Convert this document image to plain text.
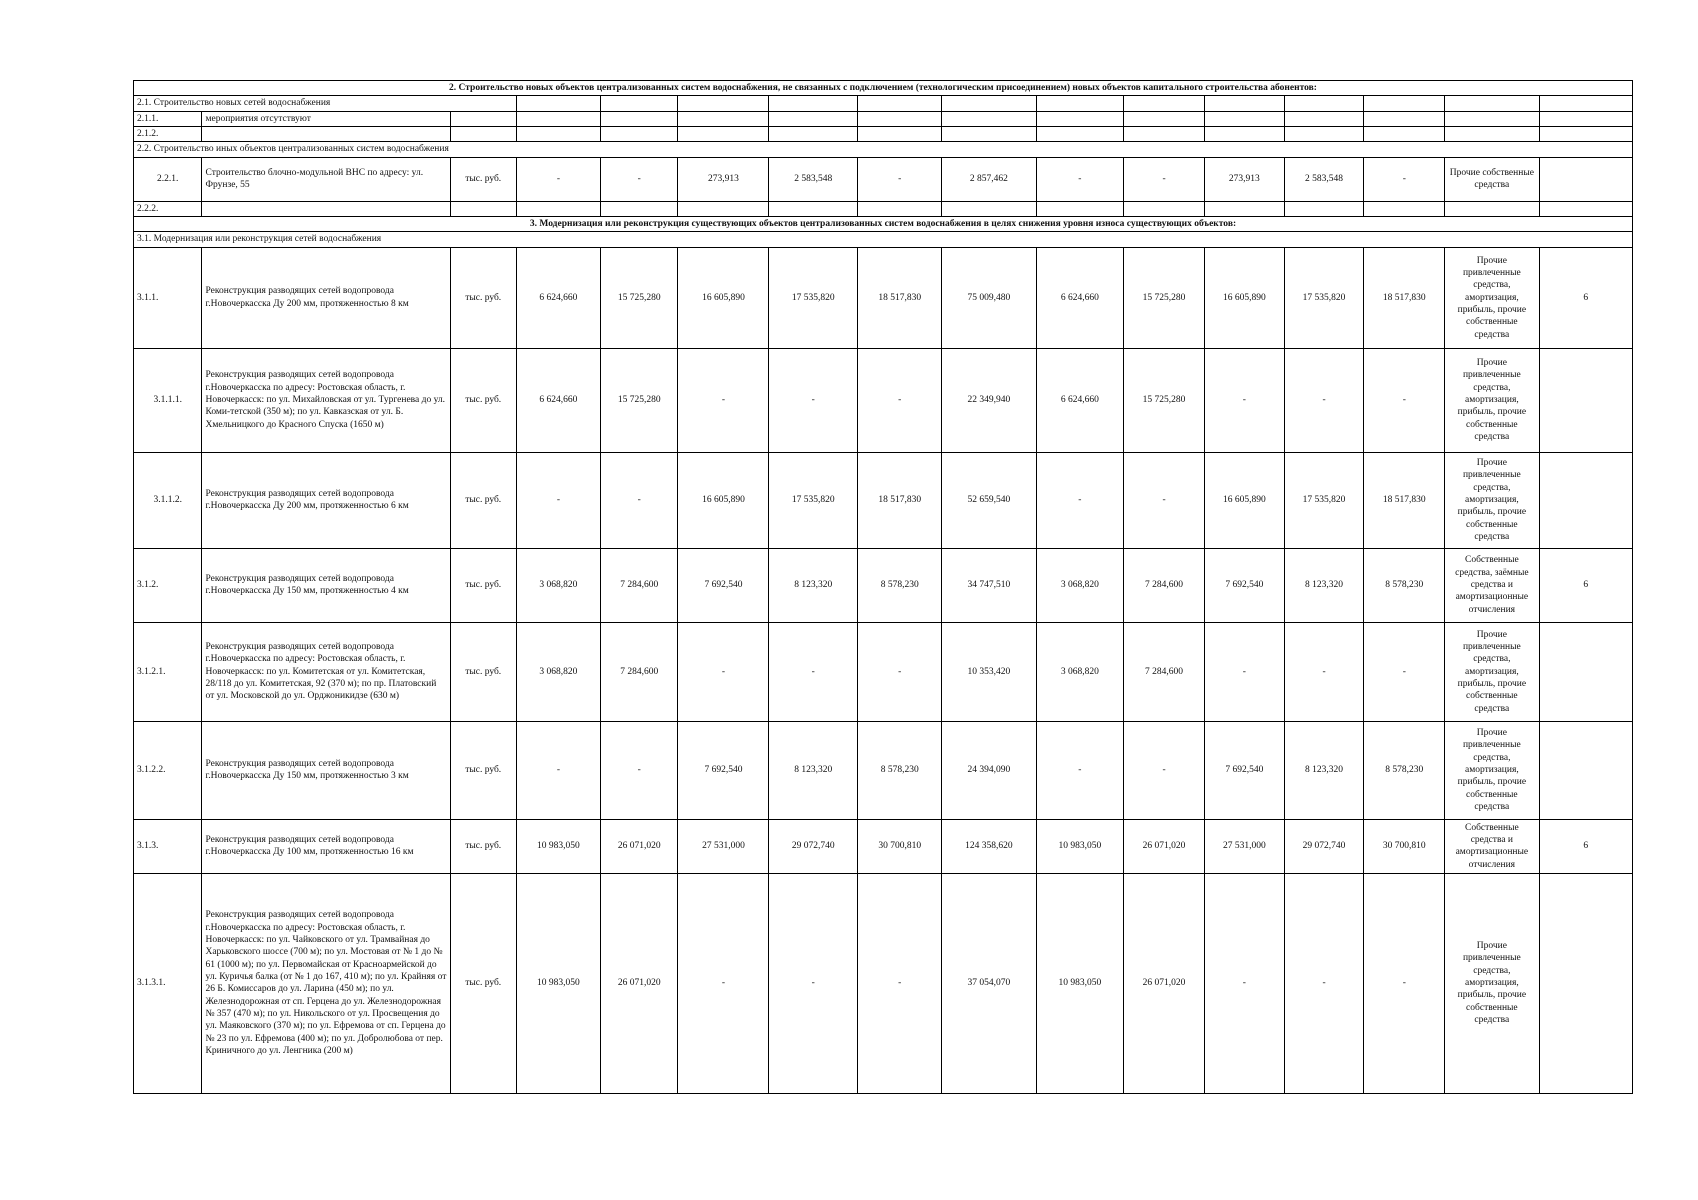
2. Строительство новых объектов централизованных систем водоснабжения, не связанных с подключением (технологическим присоединением) новых объектов капитального строительства абонентов:															
2.1. Строительство новых сетей водоснабжения															
2.1.1.	мероприятия отсутствуют														
2.1.2.															
2.2. Строительство иных объектов централизованных систем водоснабжения															
2.2.1.	Строительство блочно-модульной ВНС по адресу: ул. Фрунзе, 55	тыс. руб.	-	-	273,913	2 583,548	-	2 857,462	-	-	273,913	2 583,548	-	Прочие собственные средства	
2.2.2.															
3. Модернизация или реконструкция существующих объектов централизованных систем водоснабжения в целях снижения уровня износа существующих объектов:															
3.1. Модернизация или реконструкция сетей водоснабжения															
3.1.1.	Реконструкция разводящих сетей водопровода г.Новочеркасска Ду 200 мм, протяженностью 8 км	тыс. руб.	6 624,660	15 725,280	16 605,890	17 535,820	18 517,830	75 009,480	6 624,660	15 725,280	16 605,890	17 535,820	18 517,830	Прочие привлеченные средства, амортизация, прибыль, прочие собственные средства	6
3.1.1.1.	Реконструкция разводящих сетей водопровода г.Новочеркасска по адресу: Ростовская область, г. Новочеркасск: по ул. Михайловская от ул. Тургенева до ул. Коми-тетской (350 м); по ул. Кавказская от ул. Б. Хмельницкого до Красного Спуска (1650 м)	тыс. руб.	6 624,660	15 725,280	-	-	-	22 349,940	6 624,660	15 725,280	-	-	-	Прочие привлеченные средства, амортизация, прибыль, прочие собственные средства	
3.1.1.2.	Реконструкция разводящих сетей водопровода г.Новочеркасска Ду 200 мм, протяженностью 6 км	тыс. руб.	-	-	16 605,890	17 535,820	18 517,830	52 659,540	-	-	16 605,890	17 535,820	18 517,830	Прочие привлеченные средства, амортизация, прибыль, прочие собственные средства	
3.1.2.	Реконструкция разводящих сетей водопровода г.Новочеркасска Ду 150 мм, протяженностью 4 км	тыс. руб.	3 068,820	7 284,600	7 692,540	8 123,320	8 578,230	34 747,510	3 068,820	7 284,600	7 692,540	8 123,320	8 578,230	Собственные средства, заёмные средства и амортизационные отчисления	6
3.1.2.1.	Реконструкция разводящих сетей водопровода г.Новочеркасска по адресу: Ростовская область, г. Новочеркасск: по ул. Комитетская от ул. Комитетская, 28/118 до ул. Комитетская, 92 (370 м); по пр. Платовский от ул. Московской до ул. Орджоникидзе (630 м)	тыс. руб.	3 068,820	7 284,600	-	-	-	10 353,420	3 068,820	7 284,600	-	-	-	Прочие привлеченные средства, амортизация, прибыль, прочие собственные средства	
3.1.2.2.	Реконструкция разводящих сетей водопровода г.Новочеркасска Ду 150 мм, протяженностью 3 км	тыс. руб.	-	-	7 692,540	8 123,320	8 578,230	24 394,090	-	-	7 692,540	8 123,320	8 578,230	Прочие привлеченные средства, амортизация, прибыль, прочие собственные средства	
3.1.3.	Реконструкция разводящих сетей водопровода г.Новочеркасска Ду 100 мм, протяженностью 16 км	тыс. руб.	10 983,050	26 071,020	27 531,000	29 072,740	30 700,810	124 358,620	10 983,050	26 071,020	27 531,000	29 072,740	30 700,810	Собственные средства и амортизационные отчисления	6
3.1.3.1.	Реконструкция разводящих сетей водопровода г.Новочеркасска по адресу: Ростовская область, г. Новочеркасск: по ул. Чайковского от ул. Трамвайная до Харьковского шоссе (700 м); по ул. Мостовая от № 1 до № 61 (1000 м); по ул. Первомайская от Красноармейской до ул. Куричья балка (от № 1 до 167, 410 м); по ул. Крайняя от 26 Б. Комиссаров до ул. Ларина (450 м); по ул. Железнодорожная от сп. Герцена до ул. Железнодорожная № 357 (470 м); по ул. Никольского от ул. Просвещения до ул. Маяковского (370 м); по ул. Ефремова от сп. Герцена до № 23 по ул. Ефремова (400 м); по ул. Добролюбова от пер. Криничного до ул. Ленгника (200 м)	тыс. руб.	10 983,050	26 071,020	-	-	-	37 054,070	10 983,050	26 071,020	-	-	-	Прочие привлеченные средства, амортизация, прибыль, прочие собственные средства	
